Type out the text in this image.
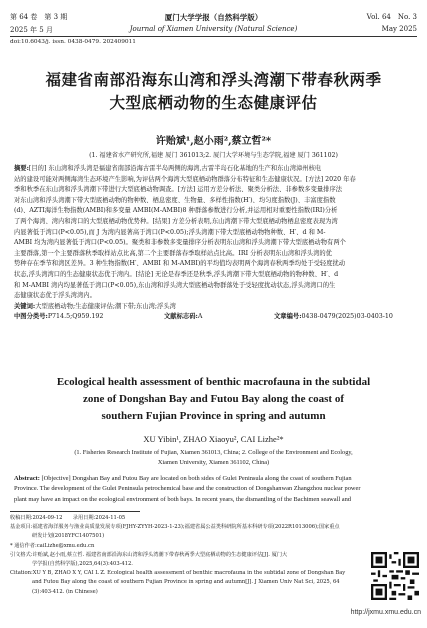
第 64 卷　第 3 期	厦门大学学报（自然科学版）	Vol. 64　No. 3
2025 年 5 月	Journal of Xiamen University (Natural Science)	May 2025
doi:10.6043/j. issn. 0438-0479. 202409011
福建省南部沿海东山湾和浮头湾潮下带春秋两季
大型底栖动物的生态健康评估
许贻斌¹,赵小雨²,蔡立哲²*
(1. 福建省水产研究所,福建 厦门 361013;2. 厦门大学环境与生态学院,福建 厦门 361102)
摘要:[目的] 东山湾和浮头湾是福建省南部沿海古雷半岛两侧的海湾,古雷半岛石化基地的生产和东山湾漳州核电
站的建设可能对两侧海湾生态环境产生影响,为评估两个海湾大型底栖动物群落分布特征和生态健康状况。[方法] 2020 年春
季和秋季在东山湾和浮头湾潮下带进行大型底栖动物调查。[方法] 运用方差分析法、聚类分析法、非参数多变量排序法
对东山湾和浮头湾潮下带大型底栖动物的物种数、栖息密度、生物量、多样性指数(H′)、均匀度指数(J)、丰富度指数
(d)、AZTI海洋生物指数(AMBI)和多变量 AMBI(M-AMBI)8 种群落参数进行分析,并运用相对重要性指数(IRI)分析
了两个海湾、湾内和湾口的大型底栖动物优势种。[结果] 方差分析表明,东山湾潮下带大型底栖动物栖息密度表现为湾
内显著低于湾口(P<0.05),而 J 为湾内显著高于湾口(P<0.05);浮头湾潮下带大型底栖动物物种数、H′、d 和 M-
AMBI 均为湾内显著低于湾口(P<0.05)。聚类和非参数多变量排序分析表明东山湾和浮头湾潮下带大型底栖动物有两个
主要群落,第一个主要群落秋季取样站点比高,第二个主要群落春季取样站点比高。IRI 分析表明东山湾和浮头湾的优
势种存在季节和湾区差异。3 种生物指数(H′、AMBI 和 M-AMBI)的平均值均表明两个海湾春秋两季均处于受轻度扰动
状态,浮头湾湾口的生态健康状态优于湾内。[结论] 无论是春季还是秋季,浮头湾潮下带大型底栖动物的物种数、H′、d
和 M-AMBI 湾内均显著低于湾口(P<0.05),东山湾和浮头湾大型底栖动物群落处于受轻度扰动状态,浮头湾湾口的生
态健康状态优于浮头湾湾内。
关键词:大型底栖动物;生态健康评估;潮下带;东山湾;浮头湾
中图分类号:P714.5;Q959.192	文献标志码:A	文章编号:0438-0479(2025)03-0403-10
Ecological health assessment of benthic macrofauna in the subtidal
zone of Dongshan Bay and Futou Bay along the coast of
southern Fujian Province in spring and autumn
XU Yibin¹, ZHAO Xiaoyu², CAI Lizhe²*
(1. Fisheries Research Institute of Fujian, Xiamen 361013, China; 2. College of the Environment and Ecology,
Xiamen University, Xiamen 361102, China)
Abstract: [Objective] Dongshan Bay and Futou Bay are located on both sides of Gulei Peninsula along the coast of southern Fujian
Province. The development of the Gulei Peninsula petrochemical base and the construction of Dongshanwan Zhangzhou nuclear power
plant may have an impact on the ecological environment of both bays. In recent years, the dismantling of the Bachimen seawall and
收稿日期:2024-09-12　　录用日期:2024-11-05
基金项目:福建省海洋服务与渔业高质量发展专项(FJHY-ZYYH-2023-1-23);福建省属公益类科研院所基本科研专项(2022R1013006);国家重点
研发计划(2018YFC1407501)
* 通信作者:caiLizhe@xmu.edu.cn
引文格式:许贻斌,赵小雨,蔡立哲. 福建省南部沿海东山湾和浮头湾潮下带春秋两季大型底栖动物的生态健康评估[J]. 厦门大
学学报(自然科学版),2025,64(3):403-412.
Citation:XU Y B, ZHAO X Y, CAI L Z. Ecological health assessment of benthic macrofauna in the subtidal zone of Dongshan Bay
and Futou Bay along the coast of southern Fujian Province in spring and autumn[J]. J Xiamen Univ Nat Sci, 2025, 64
(3):403-412. (in Chinese)
http://jxmu.xmu.edu.cn
